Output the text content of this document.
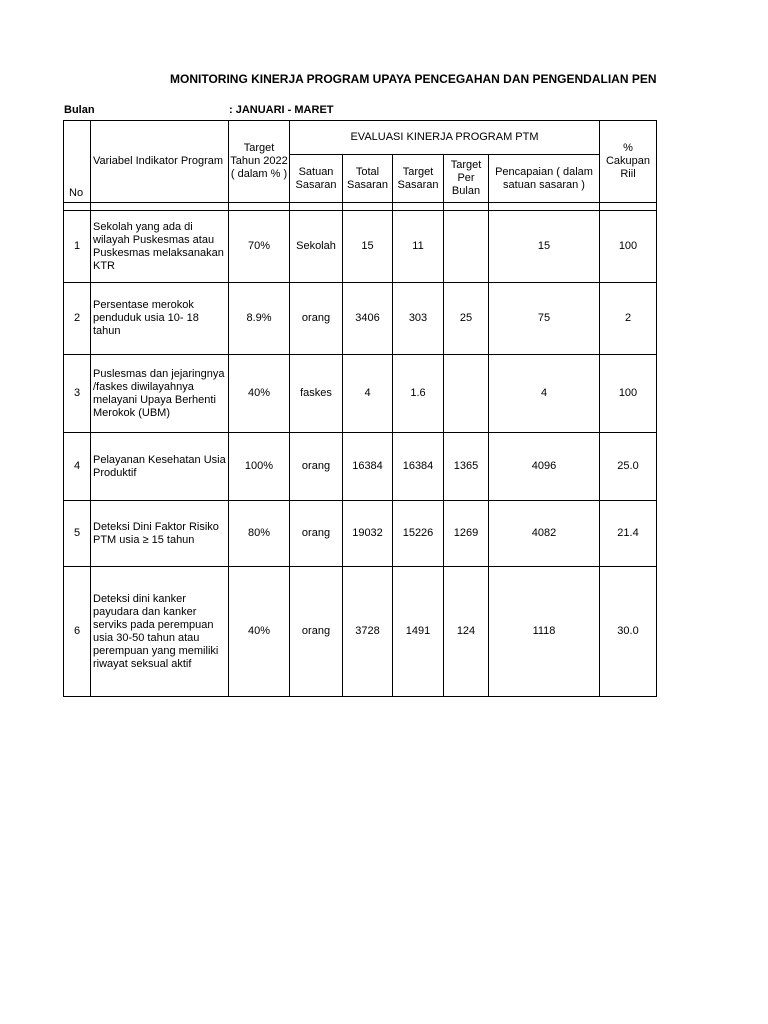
MONITORING KINERJA PROGRAM UPAYA PENCEGAHAN DAN PENGENDALIAN PEN
Bulan	: JANUARI - MARET
No	Variabel Indikator Program	Target Tahun 2022 ( dalam % )	EVALUASI KINERJA PROGRAM PTM					% Cakupan Riil
			Satuan Sasaran	Total Sasaran	Target Sasaran	Target Per Bulan	Pencapaian ( dalam satuan sasaran )	

1	Sekolah yang ada di wilayah Puskesmas atau Puskesmas melaksanakan KTR	70%	Sekolah	15	11		15	100
2	Persentase merokok penduduk usia 10- 18 tahun	8.9%	orang	3406	303	25	75	2
3	Puslesmas dan jejaringnya /faskes diwilayahnya melayani Upaya Berhenti Merokok (UBM)	40%	faskes	4	1.6		4	100
4	Pelayanan Kesehatan Usia Produktif	100%	orang	16384	16384	1365	4096	25.0
5	Deteksi Dini Faktor Risiko PTM usia ≥ 15 tahun	80%	orang	19032	15226	1269	4082	21.4
6	Deteksi dini kanker payudara dan kanker serviks pada perempuan usia 30-50 tahun atau perempuan yang memiliki riwayat seksual aktif	40%	orang	3728	1491	124	1118	30.0
